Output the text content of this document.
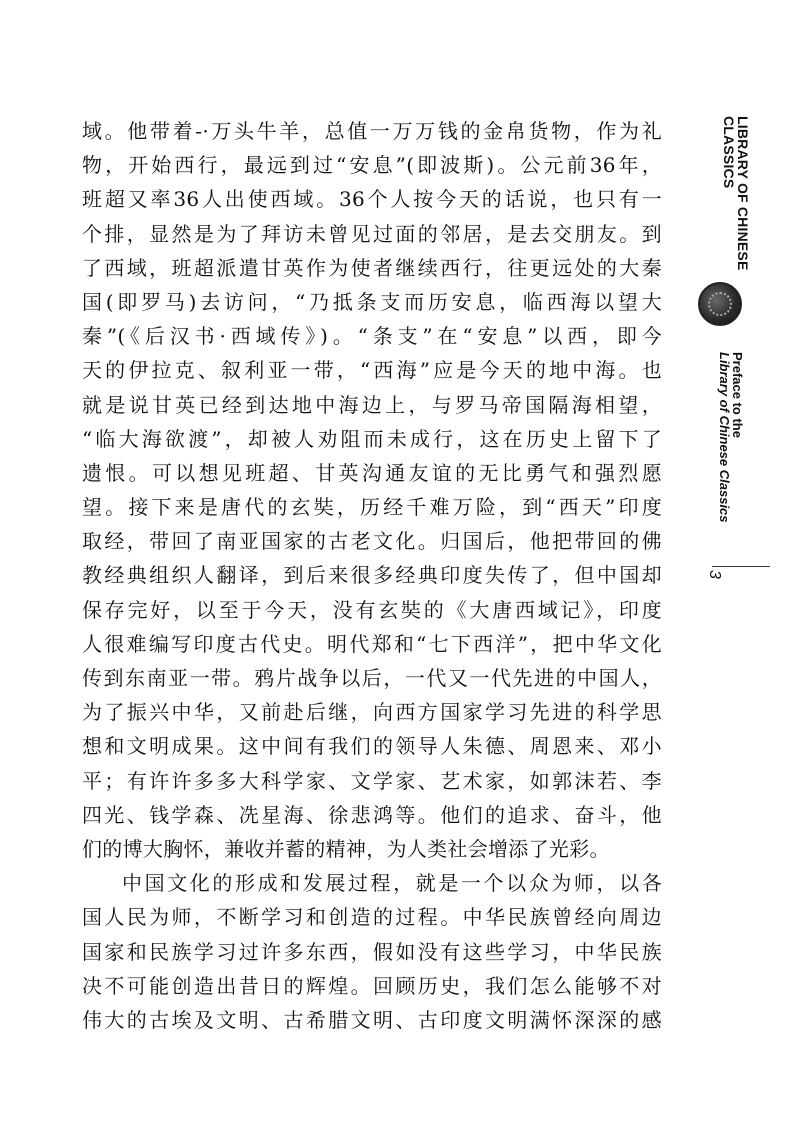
域。他带着-·万头牛羊，总值一万万钱的金帛货物，作为礼
物，开始西行，最远到过“安息”(即波斯)。公元前36年，
班超又率36人出使西域。36个人按今天的话说，也只有一
个排，显然是为了拜访未曾见过面的邻居，是去交朋友。到
了西域，班超派遣甘英作为使者继续西行，往更远处的大秦
国(即罗马)去访问，“乃抵条支而历安息，临西海以望大
秦”(《后汉书·西域传》)。“条支”在“安息”以西，即今
天的伊拉克、叙利亚一带，“西海”应是今天的地中海。也
就是说甘英已经到达地中海边上，与罗马帝国隔海相望，
“临大海欲渡”，却被人劝阻而未成行，这在历史上留下了
遗恨。可以想见班超、甘英沟通友谊的无比勇气和强烈愿
望。接下来是唐代的玄奘，历经千难万险，到“西天”印度
取经，带回了南亚国家的古老文化。归国后，他把带回的佛
教经典组织人翻译，到后来很多经典印度失传了，但中国却
保存完好，以至于今天，没有玄奘的《大唐西域记》，印度
人很难编写印度古代史。明代郑和“七下西洋”，把中华文化
传到东南亚一带。鸦片战争以后，一代又一代先进的中国人，
为了振兴中华，又前赴后继，向西方国家学习先进的科学思
想和文明成果。这中间有我们的领导人朱德、周恩来、邓小
平；有许许多多大科学家、文学家、艺术家，如郭沫若、李
四光、钱学森、冼星海、徐悲鸿等。他们的追求、奋斗，他
们的博大胸怀，兼收并蓄的精神，为人类社会增添了光彩。
中国文化的形成和发展过程，就是一个以众为师，以各
国人民为师，不断学习和创造的过程。中华民族曾经向周边
国家和民族学习过许多东西，假如没有这些学习，中华民族
决不可能创造出昔日的辉煌。回顾历史，我们怎么能够不对
伟大的古埃及文明、古希腊文明、古印度文明满怀深深的感
LIBRARY OF CHINESE
CLASSICS
Preface to the
Library of Chinese Classics
3
